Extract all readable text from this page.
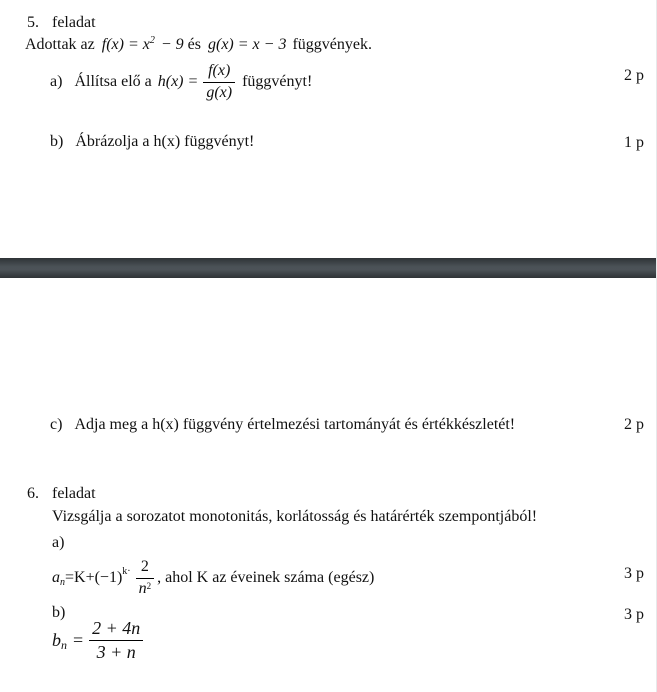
5. feladat
Adottak az $f(x) = x^2 - 9$ és g(x) = x − 3 függvények.
a) Állítsa elő a $h(x) = \frac{f(x)}{g(x)}$ függvényt!	2 p
b) Ábrázolja a h(x) függvényt!	1 p
c) Adja meg a h(x) függvény értelmezési tartományát és értékkészletét!	2 p
6. feladat
Vizsgálja a sorozatot monotonitás, korlátosság és határérték szempontjából!
a)
an =K+(−1) $k\cdot \frac{2}{n^2}$ , ahol K az éveinek száma (egész)	3 p
b)	3 p
bn = $\frac{2 + 4n}{3 + n}$
